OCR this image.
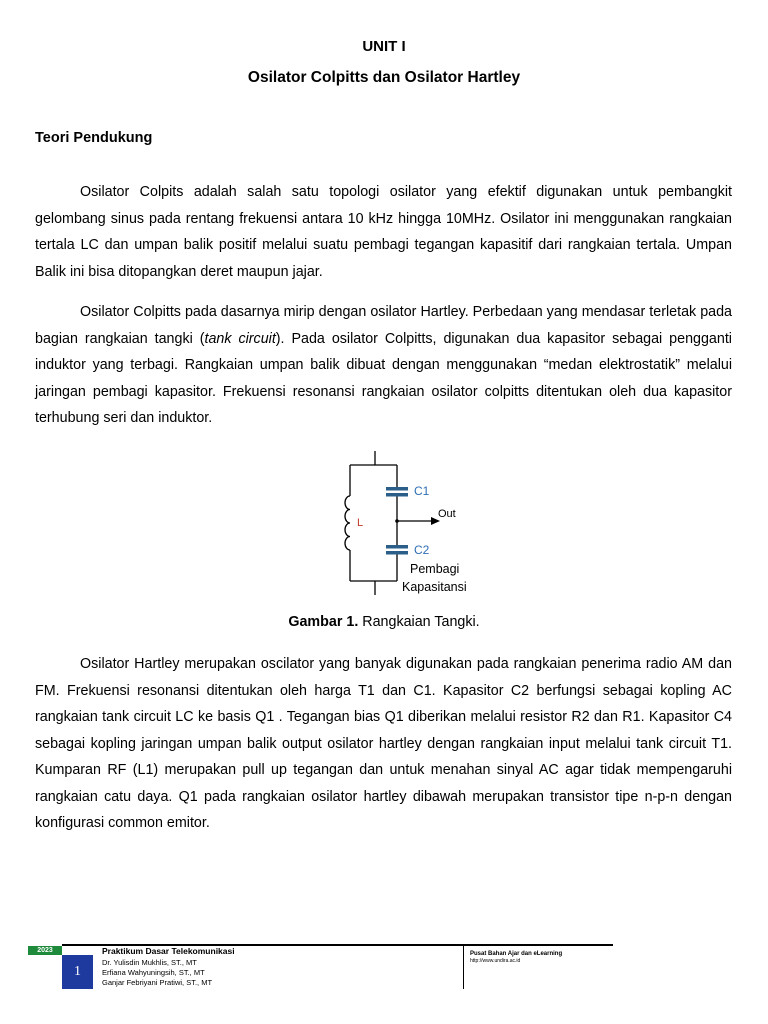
UNIT I
Osilator Colpitts dan Osilator Hartley
Teori Pendukung

Osilator Colpits adalah salah satu topologi osilator yang efektif digunakan untuk pembangkit gelombang sinus pada rentang frekuensi antara 10 kHz hingga 10MHz. Osilator ini menggunakan rangkaian tertala LC dan umpan balik positif melalui suatu pembagi tegangan kapasitif dari rangkaian tertala. Umpan Balik ini bisa ditopangkan deret maupun jajar.

Osilator Colpitts pada dasarnya mirip dengan osilator Hartley. Perbedaan yang mendasar terletak pada bagian rangkaian tangki (tank circuit). Pada osilator Colpitts, digunakan dua kapasitor sebagai pengganti induktor yang terbagi. Rangkaian umpan balik dibuat dengan menggunakan “medan elektrostatik” melalui jaringan pembagi kapasitor. Frekuensi resonansi rangkaian osilator colpitts ditentukan oleh dua kapasitor terhubung seri dan induktor.

C1
C2
L
Out
Pembagi
Kapasitansi
Gambar 1. Rangkaian Tangki.

Osilator Hartley merupakan oscilator yang banyak digunakan pada rangkaian penerima radio AM dan FM. Frekuensi resonansi ditentukan oleh harga T1 dan C1. Kapasitor C2 berfungsi sebagai kopling AC rangkaian tank circuit LC ke basis Q1 . Tegangan bias Q1 diberikan melalui resistor R2 dan R1. Kapasitor C4 sebagai kopling jaringan umpan balik output osilator hartley dengan rangkaian input melalui tank circuit T1. Kumparan RF (L1) merupakan pull up tegangan dan untuk menahan sinyal AC agar tidak mempengaruhi rangkaian catu daya. Q1 pada rangkaian osilator hartley dibawah merupakan transistor tipe n-p-n dengan konfigurasi common emitor.

2023
1
Praktikum Dasar Telekomunikasi
Dr. Yulisdin Mukhlis, ST., MT
Erfiana Wahyuningsih, ST., MT
Ganjar Febriyani Pratiwi, ST., MT
Pusat Bahan Ajar dan eLearning
http://www.undira.ac.id
